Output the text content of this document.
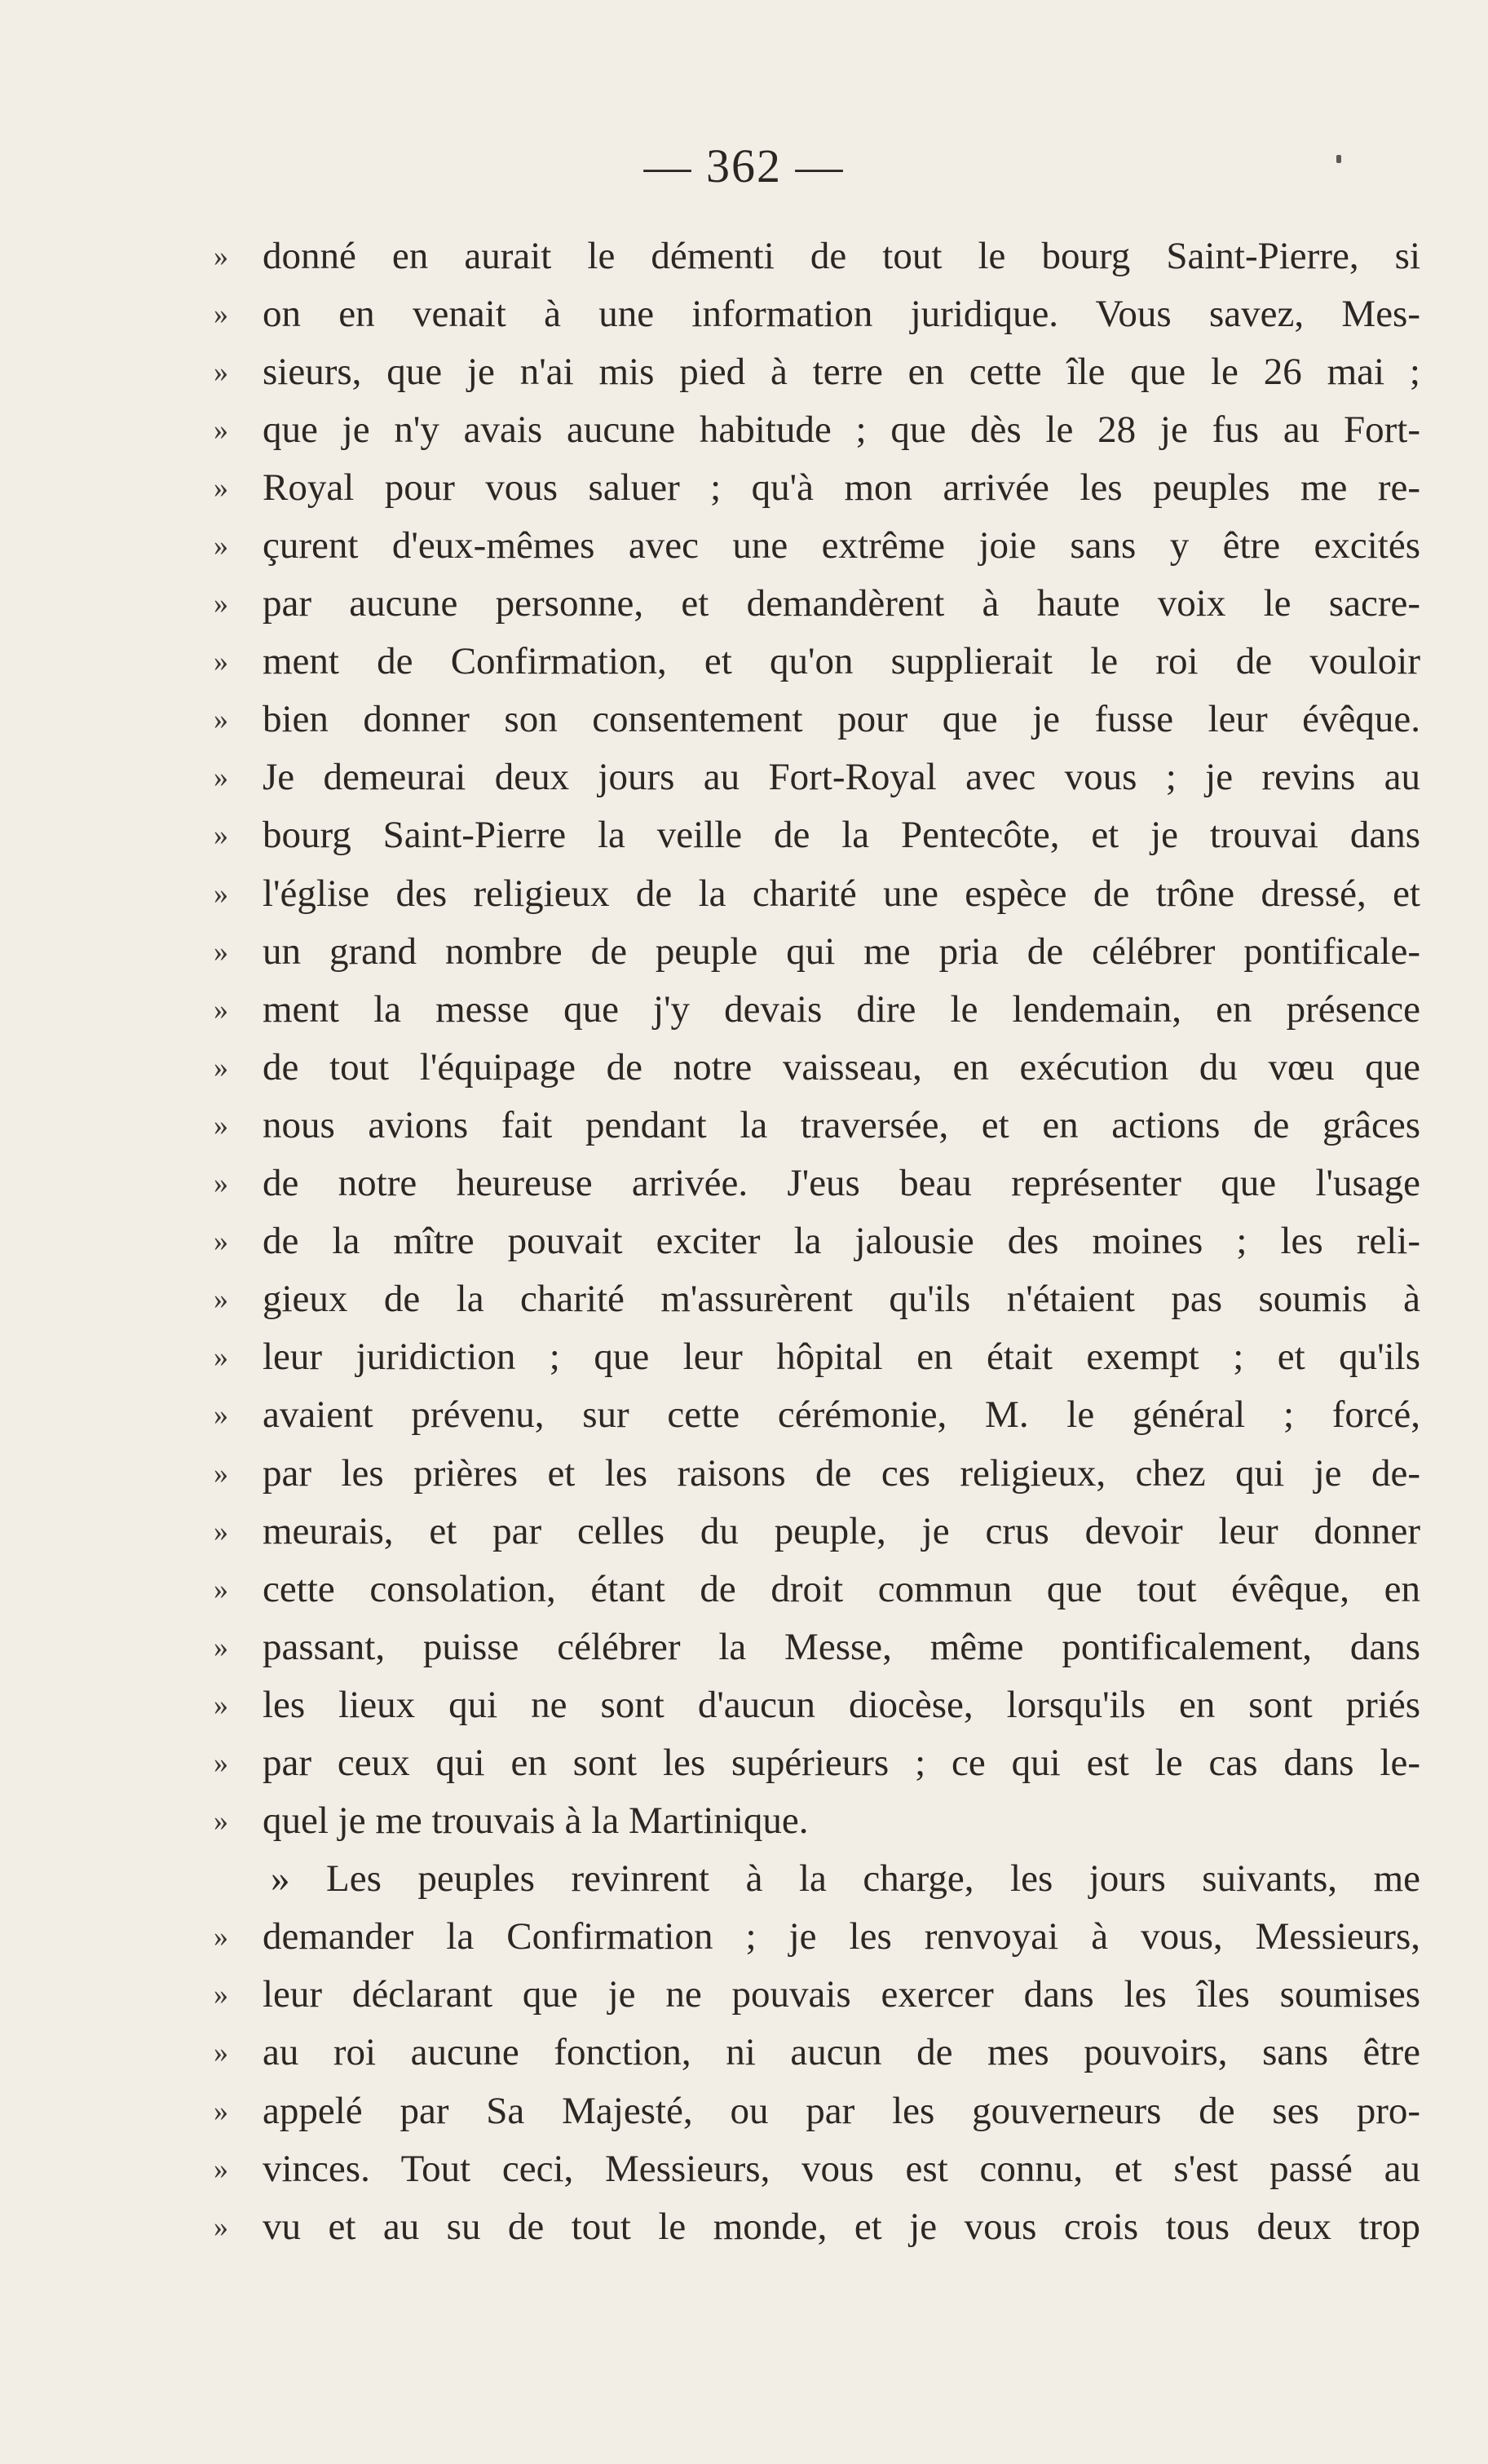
— 362 —
» donné en aurait le démenti de tout le bourg Saint-Pierre, si
» on en venait à une information juridique. Vous savez, Mes-
» sieurs, que je n'ai mis pied à terre en cette île que le 26 mai ;
» que je n'y avais aucune habitude ; que dès le 28 je fus au Fort-
» Royal pour vous saluer ; qu'à mon arrivée les peuples me re-
» çurent d'eux-mêmes avec une extrême joie sans y être excités
» par aucune personne, et demandèrent à haute voix le sacre-
» ment de Confirmation, et qu'on supplierait le roi de vouloir
» bien donner son consentement pour que je fusse leur évêque.
» Je demeurai deux jours au Fort-Royal avec vous ; je revins au
» bourg Saint-Pierre la veille de la Pentecôte, et je trouvai dans
» l'église des religieux de la charité une espèce de trône dressé, et
» un grand nombre de peuple qui me pria de célébrer pontificale-
» ment la messe que j'y devais dire le lendemain, en présence
» de tout l'équipage de notre vaisseau, en exécution du vœu que
» nous avions fait pendant la traversée, et en actions de grâces
» de notre heureuse arrivée. J'eus beau représenter que l'usage
» de la mître pouvait exciter la jalousie des moines ; les reli-
» gieux de la charité m'assurèrent qu'ils n'étaient pas soumis à
» leur juridiction ; que leur hôpital en était exempt ; et qu'ils
» avaient prévenu, sur cette cérémonie, M. le général ; forcé,
» par les prières et les raisons de ces religieux, chez qui je de-
» meurais, et par celles du peuple, je crus devoir leur donner
» cette consolation, étant de droit commun que tout évêque, en
» passant, puisse célébrer la Messe, même pontificalement, dans
» les lieux qui ne sont d'aucun diocèse, lorsqu'ils en sont priés
» par ceux qui en sont les supérieurs ; ce qui est le cas dans le-
» quel je me trouvais à la Martinique.
» Les peuples revinrent à la charge, les jours suivants, me
» demander la Confirmation ; je les renvoyai à vous, Messieurs,
» leur déclarant que je ne pouvais exercer dans les îles soumises
» au roi aucune fonction, ni aucun de mes pouvoirs, sans être
» appelé par Sa Majesté, ou par les gouverneurs de ses pro-
» vinces. Tout ceci, Messieurs, vous est connu, et s'est passé au
» vu et au su de tout le monde, et je vous crois tous deux trop
